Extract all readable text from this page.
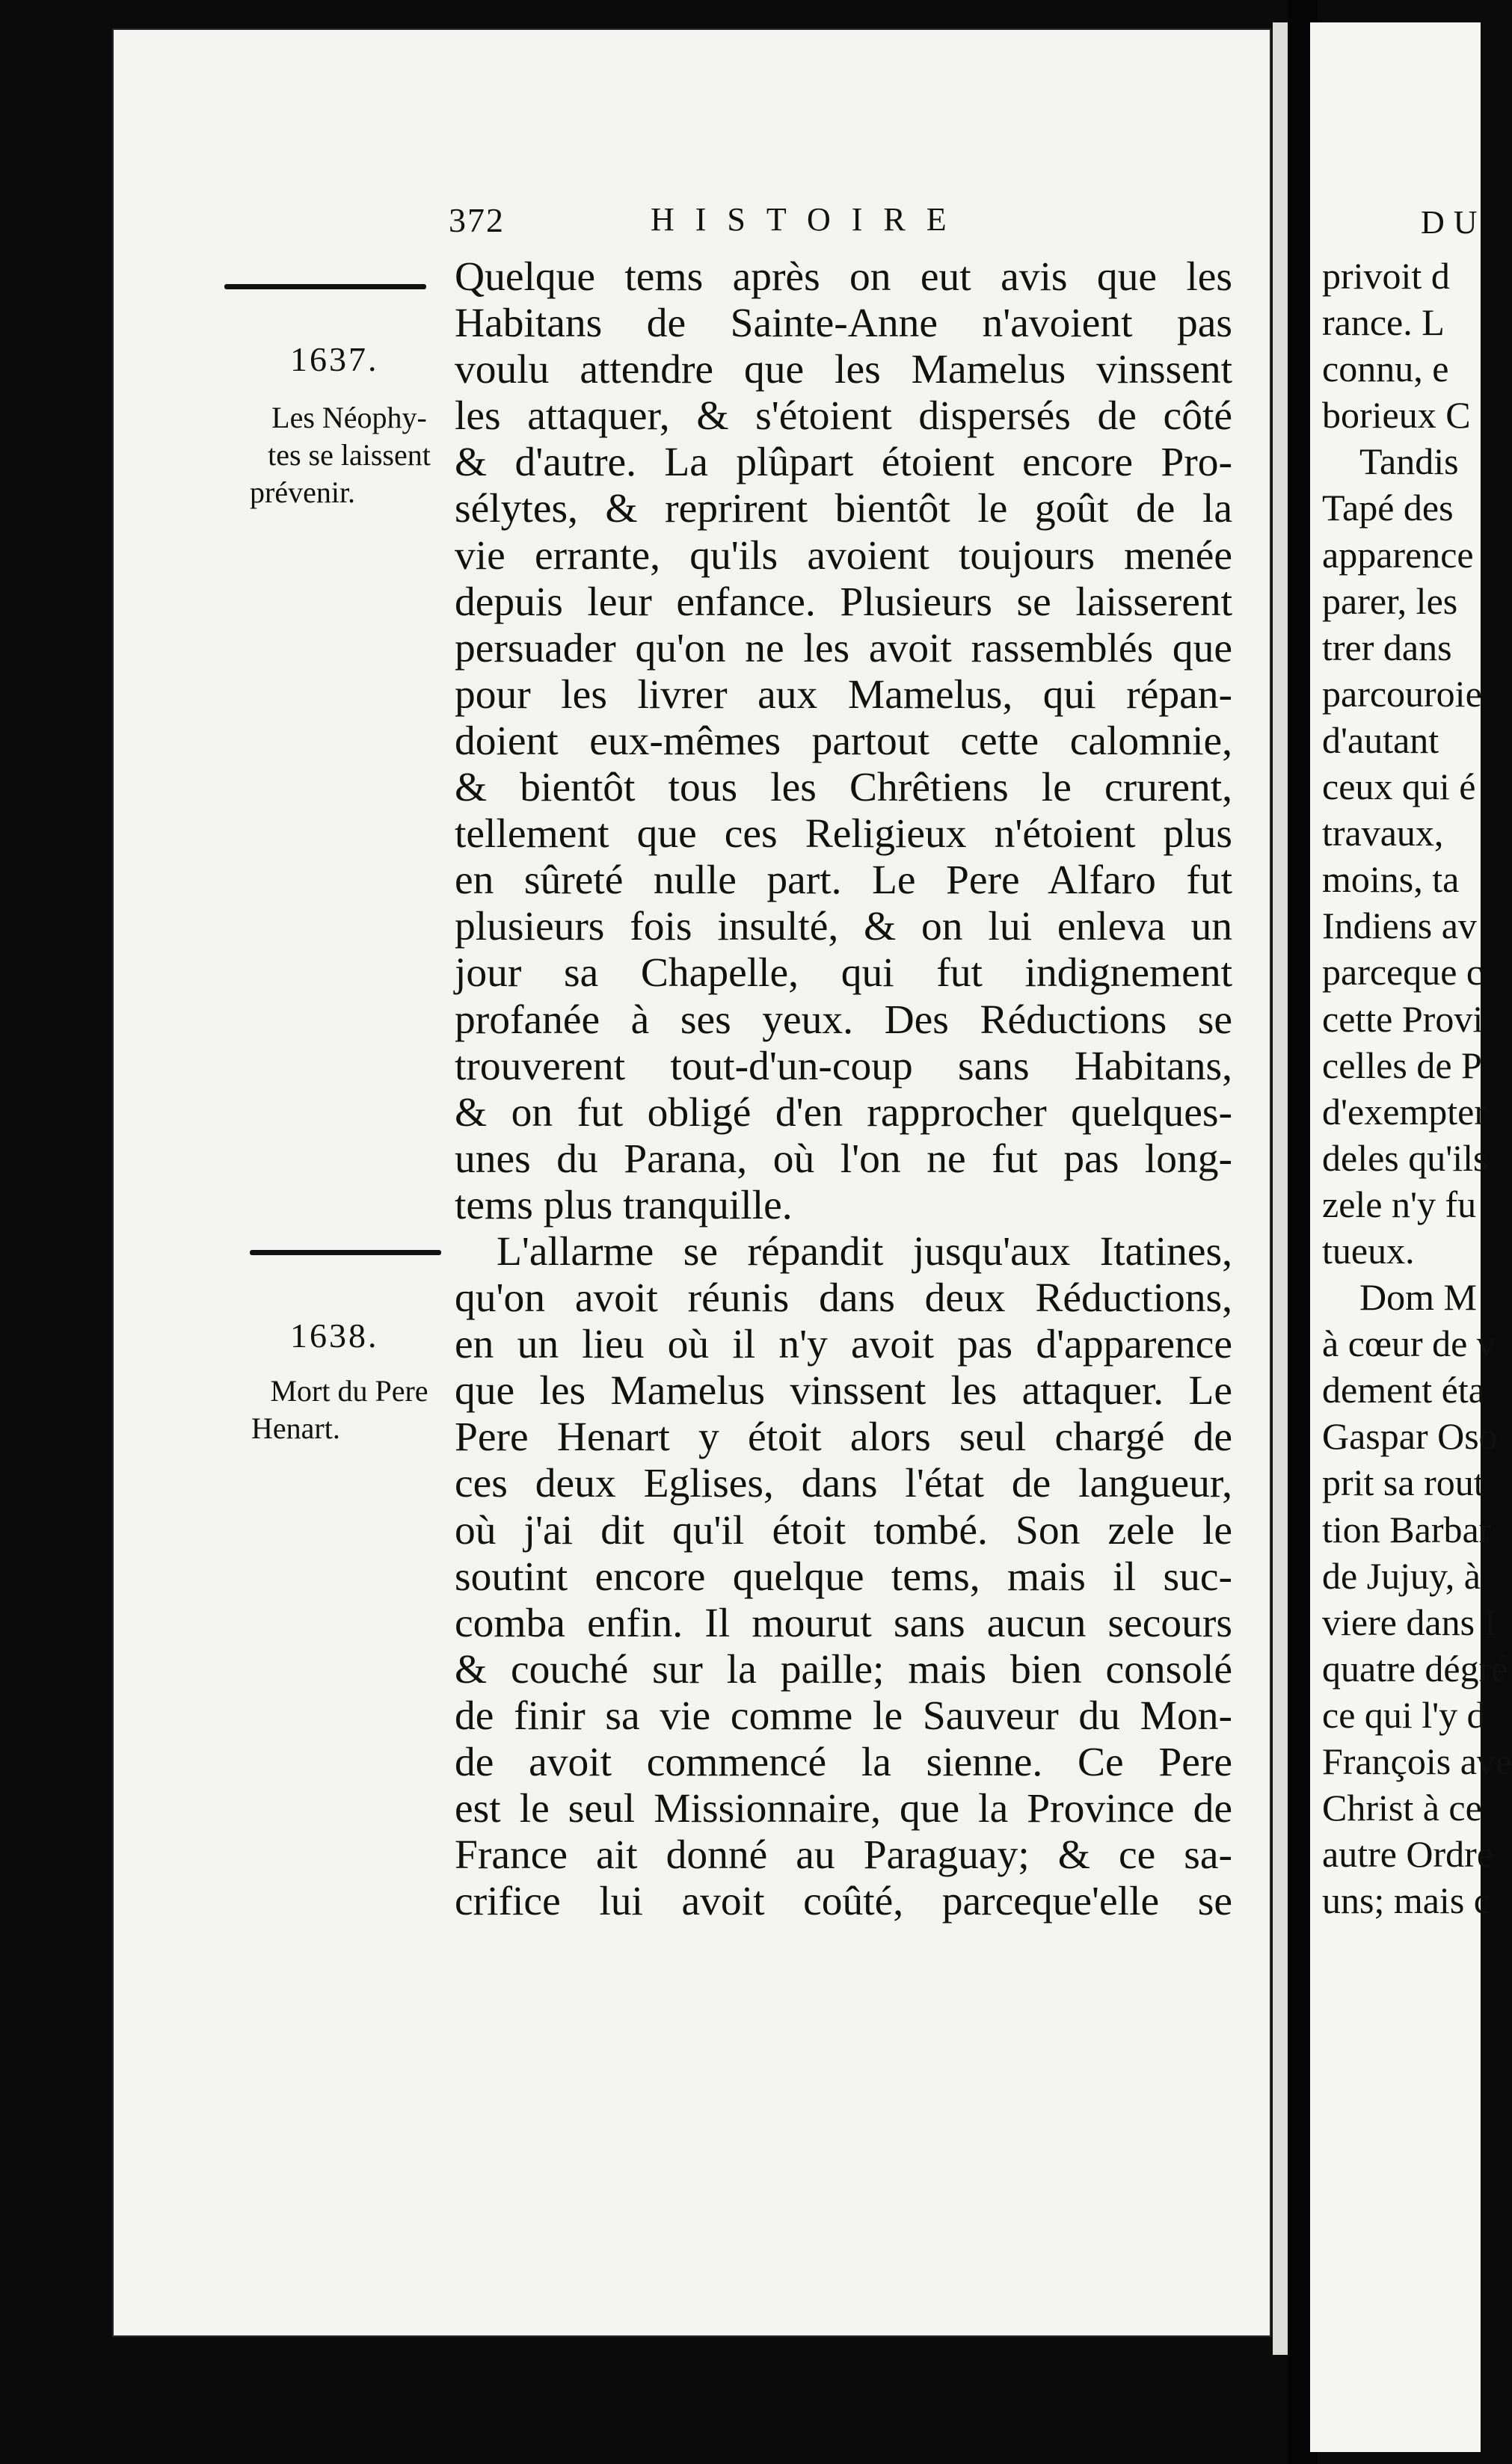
372	HISTOIRE
1637.
Les Néophy-
tes se laissent
prévenir.
1638.
Mort du Pere
Henart.
Quelque tems après on eut avis que les
Habitans de Sainte-Anne n'avoient pas
voulu attendre que les Mamelus vinssent
les attaquer, & s'étoient dispersés de côté
& d'autre. La plûpart étoient encore Pro-
sélytes, & reprirent bientôt le goût de la
vie errante, qu'ils avoient toujours menée
depuis leur enfance. Plusieurs se laisserent
persuader qu'on ne les avoit rassemblés que
pour les livrer aux Mamelus, qui répan-
doient eux-mêmes partout cette calomnie,
& bientôt tous les Chrêtiens le crurent,
tellement que ces Religieux n'étoient plus
en sûreté nulle part. Le Pere Alfaro fut
plusieurs fois insulté, & on lui enleva un
jour sa Chapelle, qui fut indignement
profanée à ses yeux. Des Réductions se
trouverent tout-d'un-coup sans Habitans,
& on fut obligé d'en rapprocher quelques-
unes du Parana, où l'on ne fut pas long-
tems plus tranquille.
L'allarme se répandit jusqu'aux Itatines,
qu'on avoit réunis dans deux Réductions,
en un lieu où il n'y avoit pas d'apparence
que les Mamelus vinssent les attaquer. Le
Pere Henart y étoit alors seul chargé de
ces deux Eglises, dans l'état de langueur,
où j'ai dit qu'il étoit tombé. Son zele le
soutint encore quelque tems, mais il suc-
comba enfin. Il mourut sans aucun secours
& couché sur la paille; mais bien consolé
de finir sa vie comme le Sauveur du Mon-
de avoit commencé la sienne. Ce Pere
est le seul Missionnaire, que la Province de
France ait donné au Paraguay; & ce sa-
crifice lui avoit coûté, parceque'elle se
DU
privoit d
rance. L
connu, e
borieux C
Tandis
Tapé des
apparence
parer, les
trer dans
parcouroie
d'autant
ceux qui é
travaux,
moins, ta
Indiens av
parceque c
cette Provi
celles de P
d'exempter
deles qu'ils
zele n'y fu
tueux.
Dom M
à cœur de v
dement éta
Gaspar Oso
prit sa rout
tion Barbar
de Jujuy, à
viere dans I
quatre dégré
ce qui l'y d
François ave
Christ à ce
autre Ordre
uns; mais c
